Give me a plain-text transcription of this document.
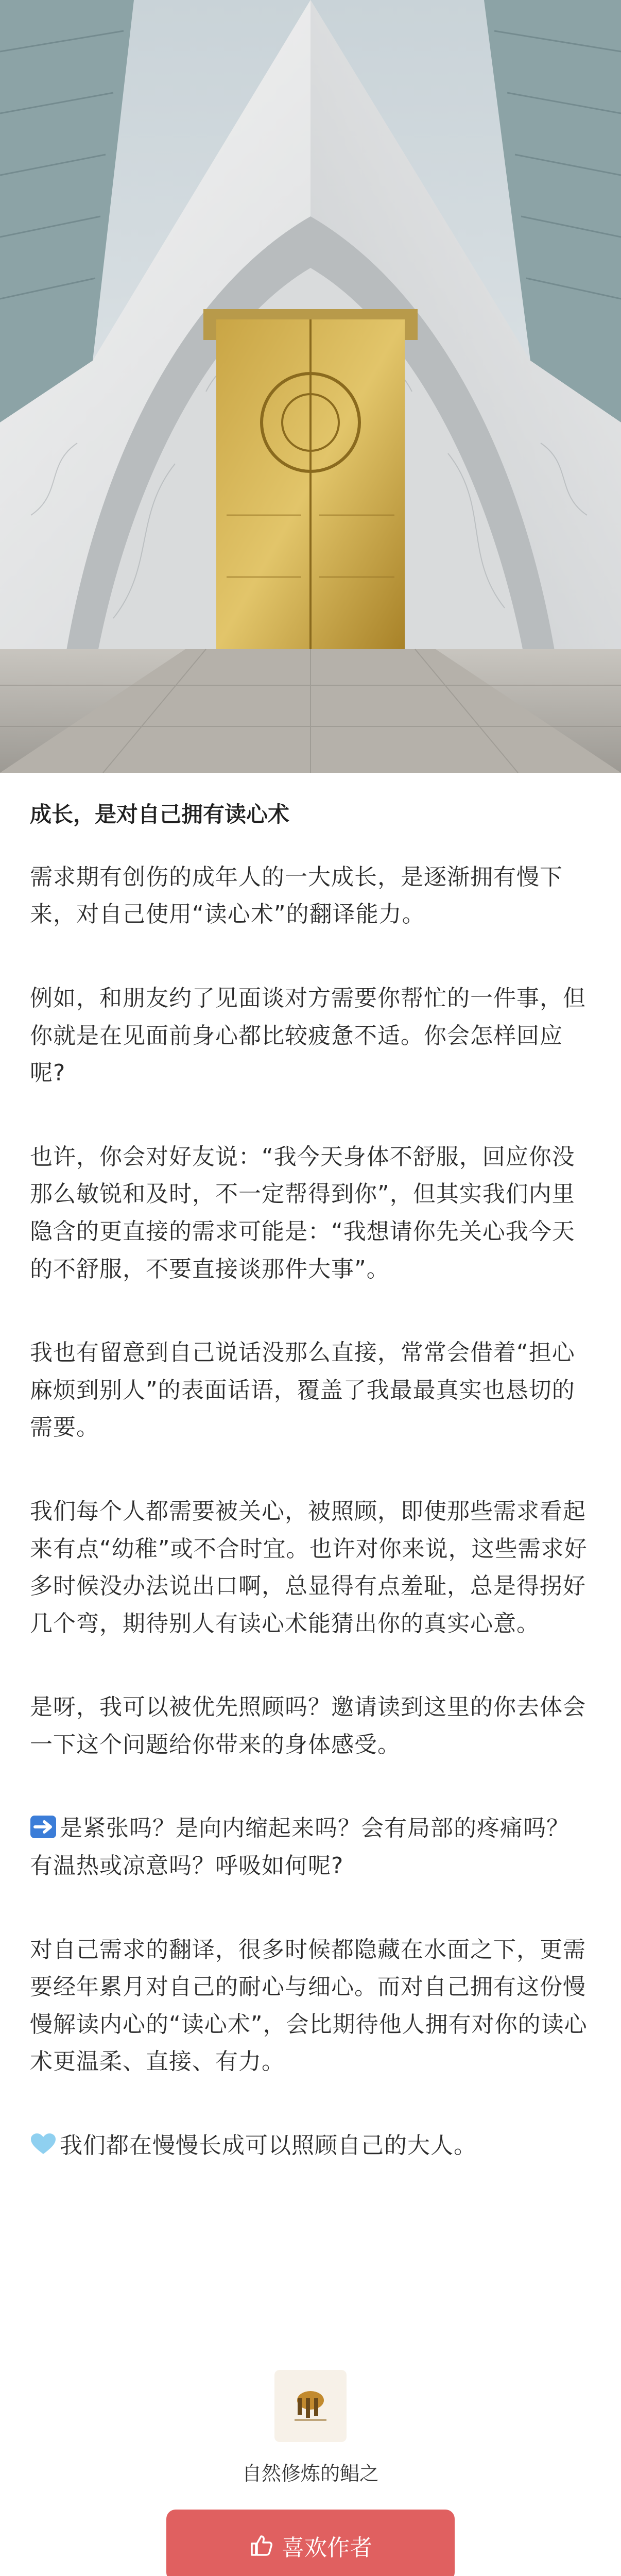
成长，是对自己拥有读心术

需求期有创伤的成年人的一大成长，是逐渐拥有慢下来，对自己使用“读心术”的翻译能力。

例如，和朋友约了见面谈对方需要你帮忙的一件事，但你就是在见面前身心都比较疲惫不适。你会怎样回应呢?

也许，你会对好友说：“我今天身体不舒服，回应你没那么敏锐和及时，不一定帮得到你”，但其实我们内里隐含的更直接的需求可能是：“我想请你先关心我今天的不舒服，不要直接谈那件大事”。

我也有留意到自己说话没那么直接，常常会借着“担心麻烦到别人”的表面话语，覆盖了我最最真实也恳切的需要。

我们每个人都需要被关心，被照顾，即使那些需求看起来有点“幼稚”或不合时宜。也许对你来说，这些需求好多时候没办法说出口啊，总显得有点羞耻，总是得拐好几个弯，期待别人有读心术能猜出你的真实心意。

是呀，我可以被优先照顾吗？邀请读到这里的你去体会一下这个问题给你带来的身体感受。

是紧张吗？是向内缩起来吗？会有局部的疼痛吗？有温热或凉意吗？呼吸如何呢?

对自己需求的翻译，很多时候都隐藏在水面之下，更需要经年累月对自己的耐心与细心。而对自己拥有这份慢慢解读内心的“读心术”，会比期待他人拥有对你的读心术更温柔、直接、有力。

我们都在慢慢长成可以照顾自己的大人。

自然修炼的鲳之
喜欢作者
